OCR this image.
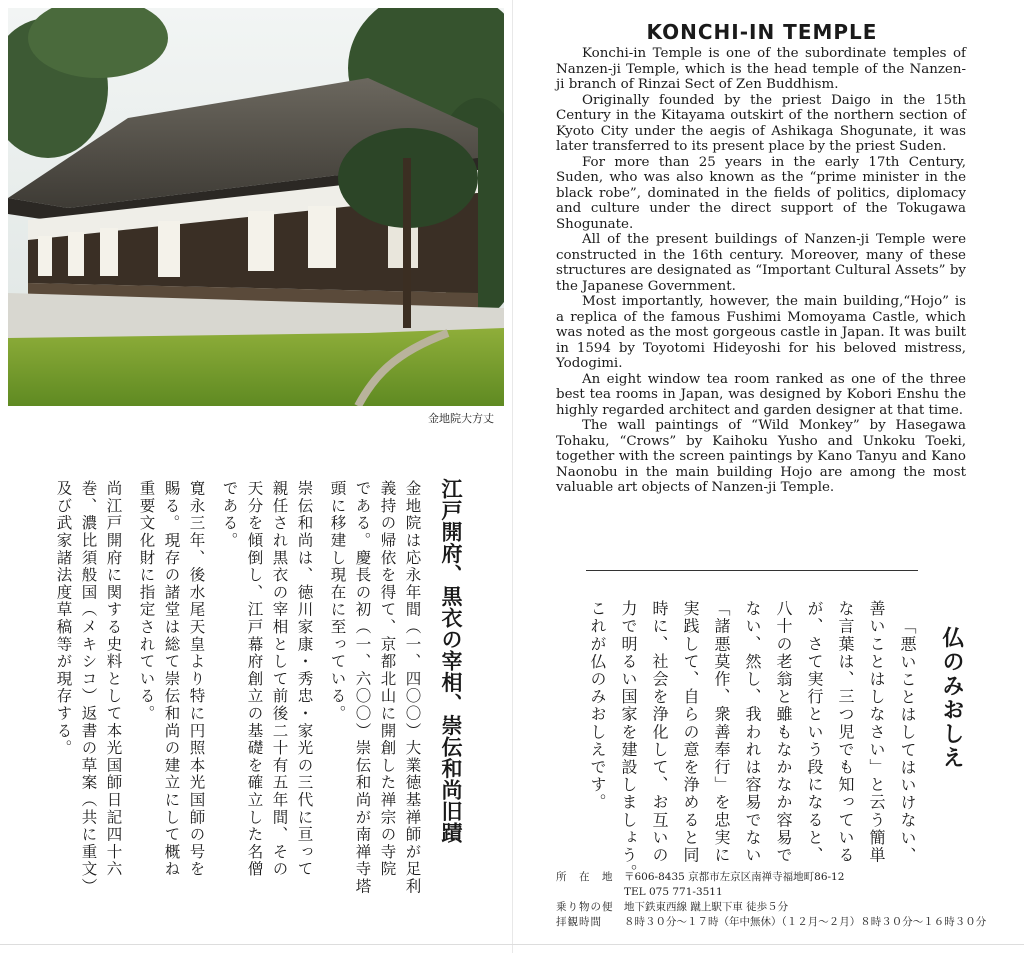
金地院大方丈
江戸開府、黒衣の宰相、崇伝和尚旧蹟
金地院は応永年間（一、四〇〇）大業徳基禅師が足利
義持の帰依を得て、京都北山に開創した禅宗の寺院
である。慶長の初（一、六〇〇）崇伝和尚が南禅寺塔
頭に移建し現在に至っている。
崇伝和尚は、徳川家康・秀忠・家光の三代に亘って
親任され黒衣の宰相として前後二十有五年間、その
天分を傾倒し、江戸幕府創立の基礎を確立した名僧
である。
寛永三年、後水尾天皇より特に円照本光国師の号を
賜る。現存の諸堂は総て崇伝和尚の建立にして概ね
重要文化財に指定されている。
尚江戸開府に関する史料として本光国師日記四十六
巻、濃比須般国（メキシコ）返書の草案（共に重文）
及び武家諸法度草稿等が現存する。
KONCHI-IN TEMPLE

Konchi-in Temple is one of the subordinate temples of Nanzen-ji Temple, which is the head temple of the Nanzen-ji branch of Rinzai Sect of Zen Buddhism.

Originally founded by the priest Daigo in the 15th Century in the Kitayama outskirt of the northern section of Kyoto City under the aegis of Ashikaga Shogunate, it was later transferred to its present place by the priest Suden.

For more than 25 years in the early 17th Century, Suden, who was also known as the “prime minister in the black robe”, dominated in the fields of politics, diplomacy and culture under the direct support of the Tokugawa Shogunate.

All of the present buildings of Nanzen-ji Temple were constructed in the 16th century. Moreover, many of these structures are designated as “Important Cultural Assets” by the Japanese Government.

Most importantly, however, the main building,“Hojo” is a replica of the famous Fushimi Momoyama Castle, which was noted as the most gorgeous castle in Japan. It was built in 1594 by Toyotomi Hideyoshi for his beloved mistress, Yodogimi.

An eight window tea room ranked as one of the three best tea rooms in Japan, was designed by Kobori Enshu the highly regarded architect and garden designer at that time.

The wall paintings of “Wild Monkey” by Hasegawa Tohaku, “Crows” by Kaihoku Yusho and Unkoku Toeki, together with the screen paintings by Kano Tanyu and Kano Naonobu in the main building Hojo are among the most valuable art objects of Nanzen-ji Temple.

仏のみおしえ
「悪いことはしてはいけない、
善いことはしなさい」と云う簡単
な言葉は、三つ児でも知っている
が、さて実行という段になると、
八十の老翁と雖もなかなか容易で
ない、然し、我われは容易でない
「諸悪莫作、衆善奉行」を忠実に
実践して、自らの意を浄めると同
時に、社会を浄化して、お互いの
力で明るい国家を建設しましょう。
これが仏のみおしえです。
所　在　地	〒606-8435 京都市左京区南禅寺福地町86-12
TEL 075 771-3511
乗り物の便	地下鉄東西線 蹴上駅下車 徒歩５分
拝観時間	８時３０分～１７時（年中無休）（１２月～２月）８時３０分～１６時３０分
